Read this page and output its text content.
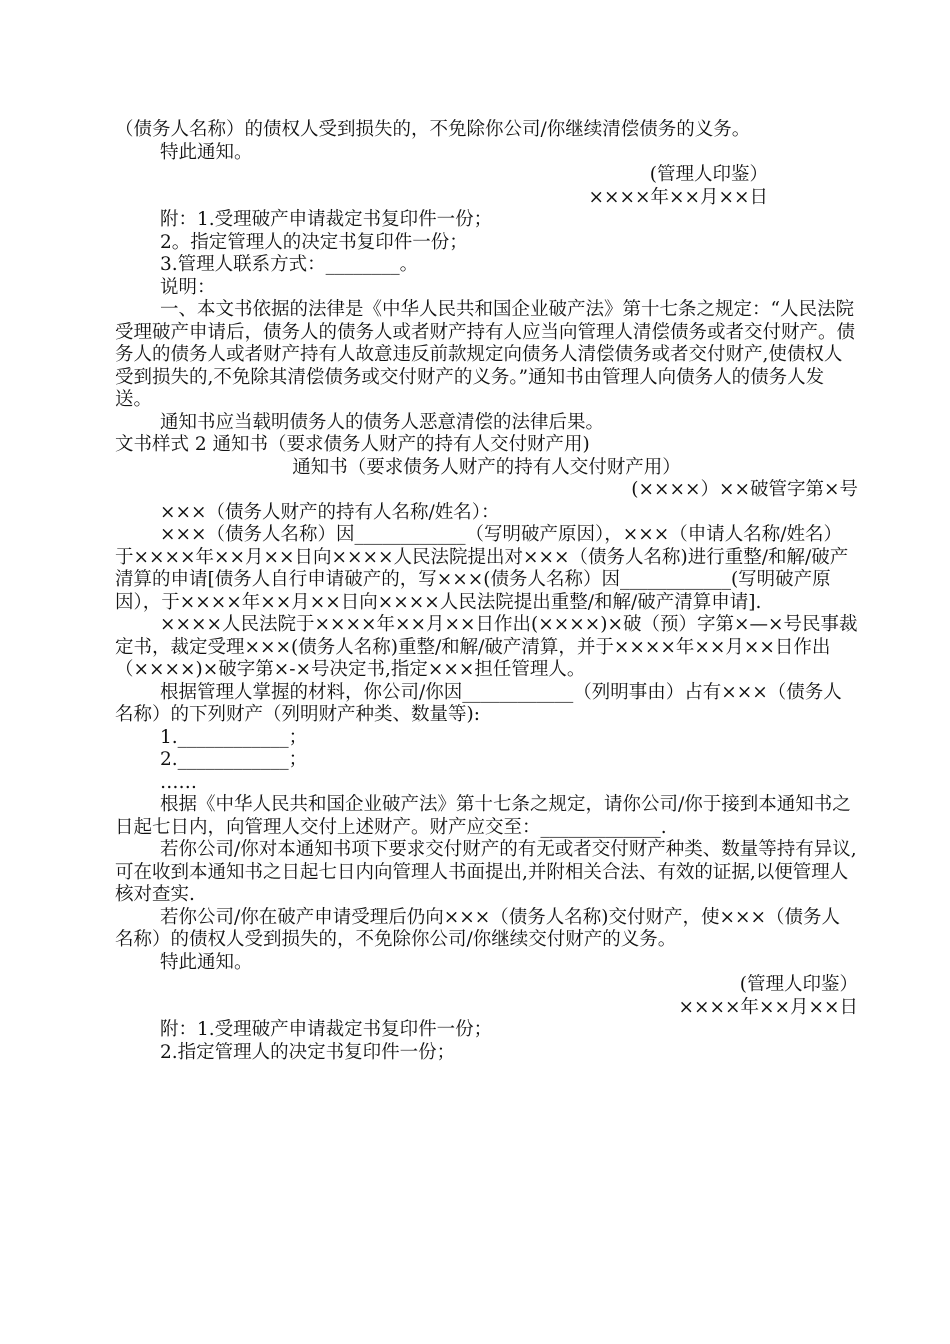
（债务人名称）的债权人受到损失的，不免除你公司/你继续清偿债务的义务。

特此通知。

(管理人印鉴）

××××年××月××日

附：1.受理破产申请裁定书复印件一份；

2。指定管理人的决定书复印件一份；

3.管理人联系方式：________。

说明：

一、本文书依据的法律是《中华人民共和国企业破产法》第十七条之规定：“人民法院受理破产申请后，债务人的债务人或者财产持有人应当向管理人清偿债务或者交付财产。债务人的债务人或者财产持有人故意违反前款规定向债务人清偿债务或者交付财产,使债权人受到损失的,不免除其清偿债务或交付财产的义务。”通知书由管理人向债务人的债务人发送。

通知书应当载明债务人的债务人恶意清偿的法律后果。

文书样式 2 通知书（要求债务人财产的持有人交付财产用)

通知书（要求债务人财产的持有人交付财产用）

(××××）××破管字第×号

×××（债务人财产的持有人名称/姓名）：

×××（债务人名称）因____________（写明破产原因），×××（申请人名称/姓名）于××××年××月××日向××××人民法院提出对×××（债务人名称)进行重整/和解/破产清算的申请[债务人自行申请破产的，写×××(债务人名称）因____________(写明破产原因），于××××年××月××日向××××人民法院提出重整/和解/破产清算申请].

××××人民法院于××××年××月××日作出(××××)×破（预）字第×—×号民事裁定书，裁定受理×××(债务人名称)重整/和解/破产清算，并于××××年××月××日作出（××××)×破字第×-×号决定书,指定×××担任管理人。

根据管理人掌握的材料，你公司/你因____________（列明事由）占有×××（债务人名称）的下列财产（列明财产种类、数量等):

1.____________；

2.____________；

……

根据《中华人民共和国企业破产法》第十七条之规定，请你公司/你于接到本通知书之日起七日内，向管理人交付上述财产。财产应交至：_____________.

若你公司/你对本通知书项下要求交付财产的有无或者交付财产种类、数量等持有异议,可在收到本通知书之日起七日内向管理人书面提出,并附相关合法、有效的证据,以便管理人核对查实.

若你公司/你在破产申请受理后仍向×××（债务人名称)交付财产，使×××（债务人名称）的债权人受到损失的，不免除你公司/你继续交付财产的义务。

特此通知。

(管理人印鉴）

××××年××月××日

附：1.受理破产申请裁定书复印件一份；

2.指定管理人的决定书复印件一份；
